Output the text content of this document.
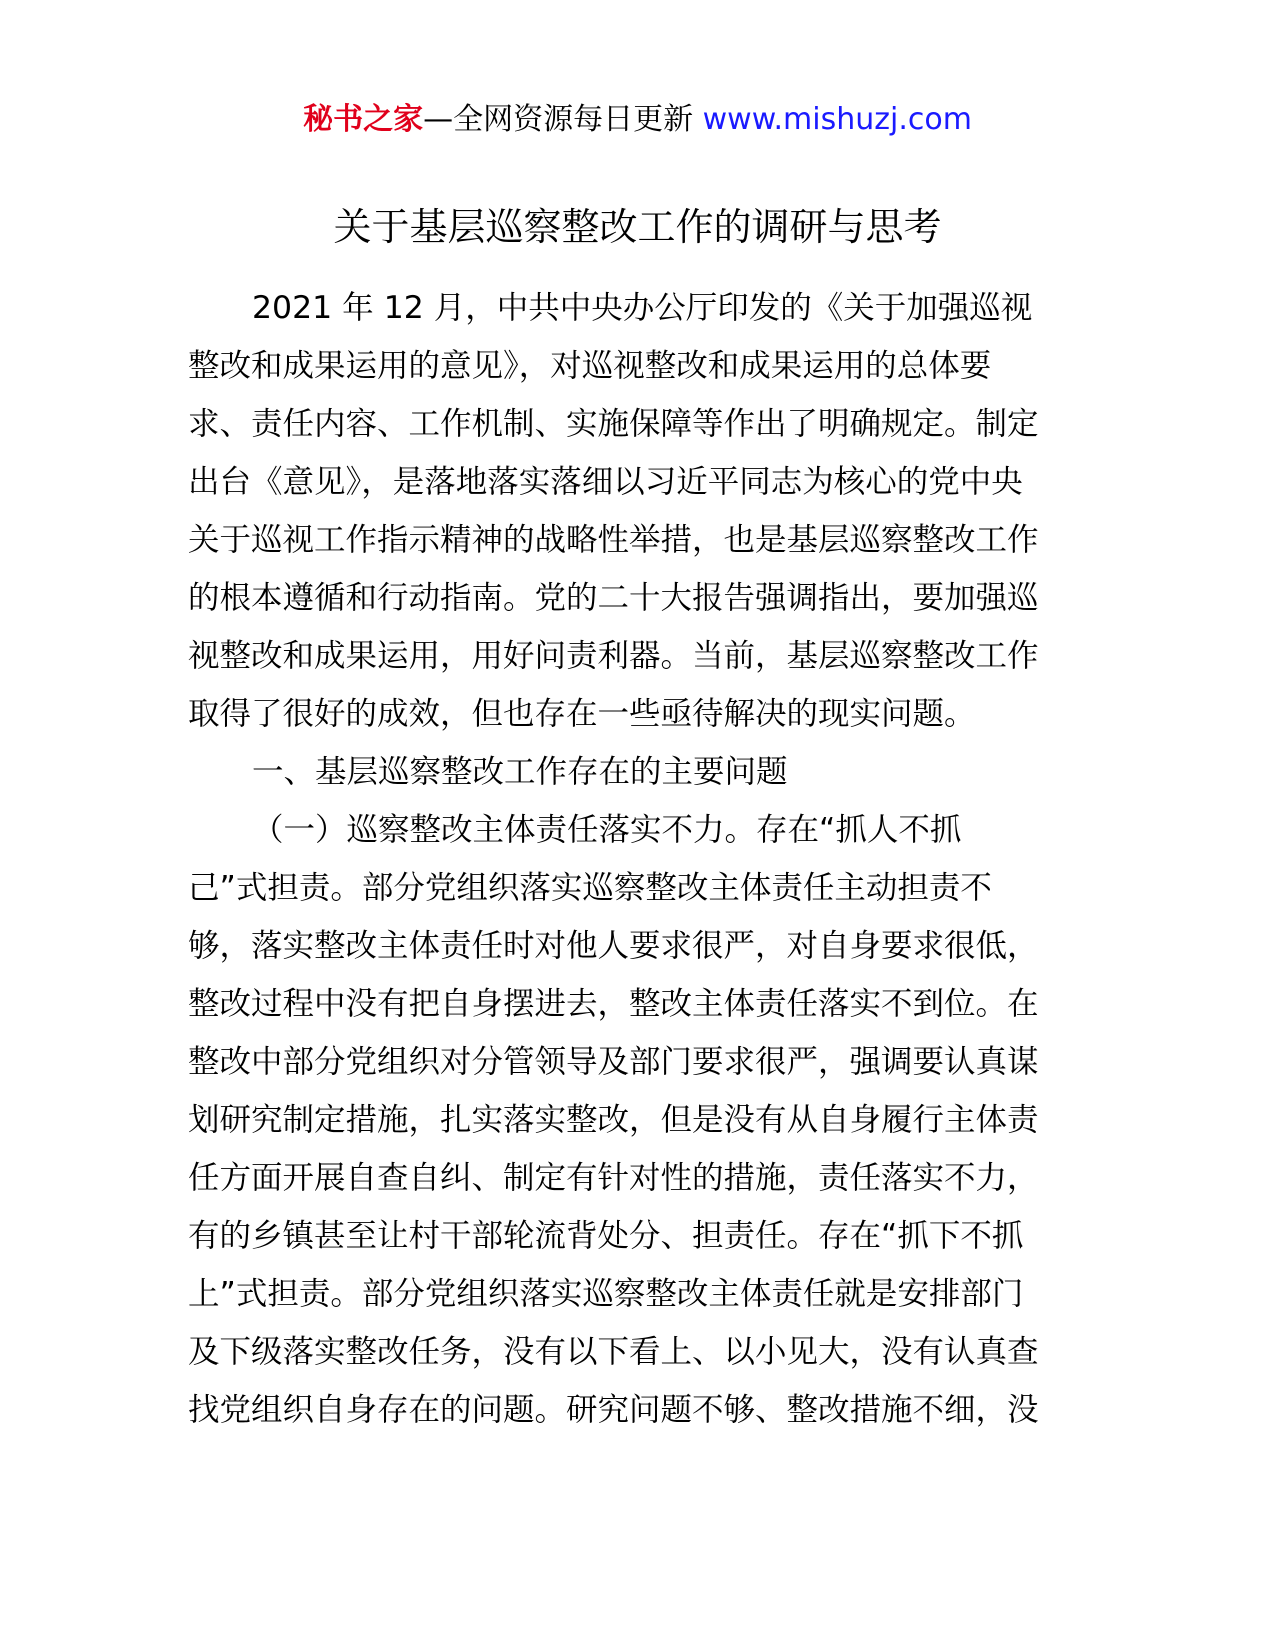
秘书之家—全网资源每日更新 www.mishuzj.com
关于基层巡察整改工作的调研与思考
2021 年 12 月，中共中央办公厅印发的《关于加强巡视
整改和成果运用的意见》，对巡视整改和成果运用的总体要
求、责任内容、工作机制、实施保障等作出了明确规定。制定
出台《意见》，是落地落实落细以习近平同志为核心的党中央
关于巡视工作指示精神的战略性举措，也是基层巡察整改工作
的根本遵循和行动指南。党的二十大报告强调指出，要加强巡
视整改和成果运用，用好问责利器。当前，基层巡察整改工作
取得了很好的成效，但也存在一些亟待解决的现实问题。
一、基层巡察整改工作存在的主要问题
（一）巡察整改主体责任落实不力。存在“抓人不抓
己”式担责。部分党组织落实巡察整改主体责任主动担责不
够，落实整改主体责任时对他人要求很严，对自身要求很低，
整改过程中没有把自身摆进去，整改主体责任落实不到位。在
整改中部分党组织对分管领导及部门要求很严，强调要认真谋
划研究制定措施，扎实落实整改，但是没有从自身履行主体责
任方面开展自查自纠、制定有针对性的措施，责任落实不力，
有的乡镇甚至让村干部轮流背处分、担责任。存在“抓下不抓
上”式担责。部分党组织落实巡察整改主体责任就是安排部门
及下级落实整改任务，没有以下看上、以小见大，没有认真查
找党组织自身存在的问题。研究问题不够、整改措施不细，没
